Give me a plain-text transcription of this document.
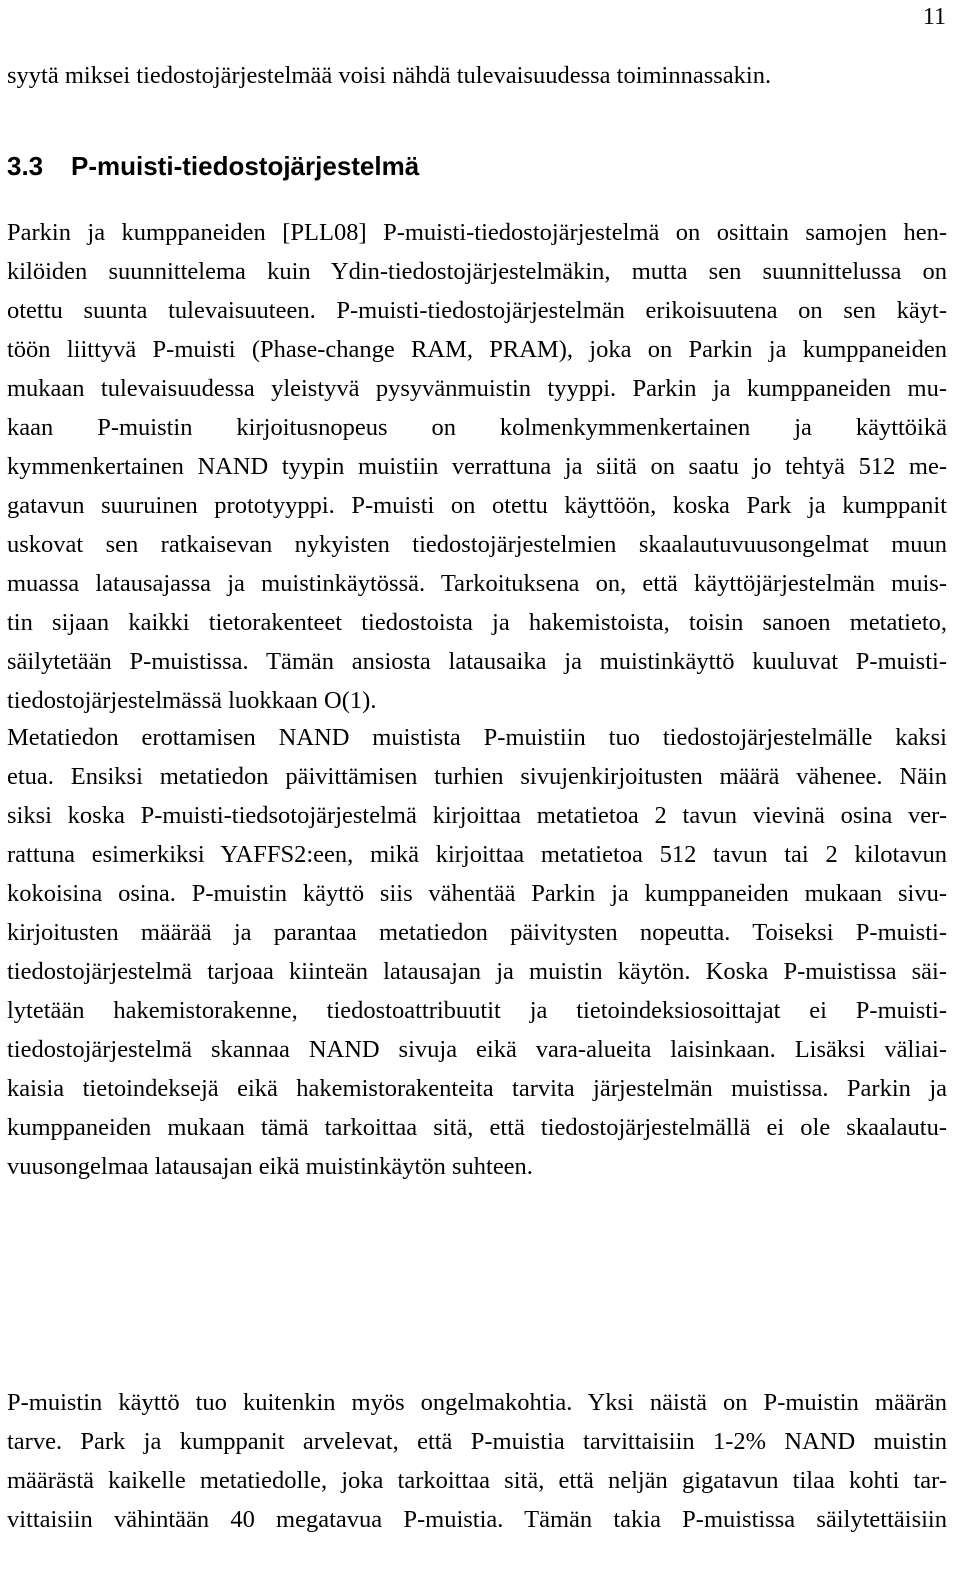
11
syytä miksei tiedostojärjestelmää voisi nähdä tulevaisuudessa toiminnassakin.
3.3 P-muisti-tiedostojärjestelmä
Parkin ja kumppaneiden [PLL08] P-muisti-tiedostojärjestelmä on osittain samojen hen-
kilöiden suunnittelema kuin Ydin-tiedostojärjestelmäkin, mutta sen suunnittelussa on
otettu suunta tulevaisuuteen. P-muisti-tiedostojärjestelmän erikoisuutena on sen käyt-
töön liittyvä P-muisti (Phase-change RAM, PRAM), joka on Parkin ja kumppaneiden
mukaan tulevaisuudessa yleistyvä pysyvänmuistin tyyppi. Parkin ja kumppaneiden mu-
kaan P-muistin kirjoitusnopeus on kolmenkymmenkertainen ja käyttöikä
kymmenkertainen NAND tyypin muistiin verrattuna ja siitä on saatu jo tehtyä 512 me-
gatavun suuruinen prototyyppi. P-muisti on otettu käyttöön, koska Park ja kumppanit
uskovat sen ratkaisevan nykyisten tiedostojärjestelmien skaalautuvuusongelmat muun
muassa latausajassa ja muistinkäytössä. Tarkoituksena on, että käyttöjärjestelmän muis-
tin sijaan kaikki tietorakenteet tiedostoista ja hakemistoista, toisin sanoen metatieto,
säilytetään P-muistissa. Tämän ansiosta latausaika ja muistinkäyttö kuuluvat P-muisti-
tiedostojärjestelmässä luokkaan O(1).
Metatiedon erottamisen NAND muistista P-muistiin tuo tiedostojärjestelmälle kaksi
etua. Ensiksi metatiedon päivittämisen turhien sivujenkirjoitusten määrä vähenee. Näin
siksi koska P-muisti-tiedsotojärjestelmä kirjoittaa metatietoa 2 tavun vievinä osina ver-
rattuna esimerkiksi YAFFS2:een, mikä kirjoittaa metatietoa 512 tavun tai 2 kilotavun
kokoisina osina. P-muistin käyttö siis vähentää Parkin ja kumppaneiden mukaan sivu-
kirjoitusten määrää ja parantaa metatiedon päivitysten nopeutta. Toiseksi P-muisti-
tiedostojärjestelmä tarjoaa kiinteän latausajan ja muistin käytön. Koska P-muistissa säi-
lytetään hakemistorakenne, tiedostoattribuutit ja tietoindeksiosoittajat ei P-muisti-
tiedostojärjestelmä skannaa NAND sivuja eikä vara-alueita laisinkaan. Lisäksi väliai-
kaisia tietoindeksejä eikä hakemistorakenteita tarvita järjestelmän muistissa. Parkin ja
kumppaneiden mukaan tämä tarkoittaa sitä, että tiedostojärjestelmällä ei ole skaalautu-
vuusongelmaa latausajan eikä muistinkäytön suhteen.
P-muistin käyttö tuo kuitenkin myös ongelmakohtia. Yksi näistä on P-muistin määrän
tarve. Park ja kumppanit arvelevat, että P-muistia tarvittaisiin 1-2% NAND muistin
määrästä kaikelle metatiedolle, joka tarkoittaa sitä, että neljän gigatavun tilaa kohti tar-
vittaisiin vähintään 40 megatavua P-muistia. Tämän takia P-muistissa säilytettäisiin
